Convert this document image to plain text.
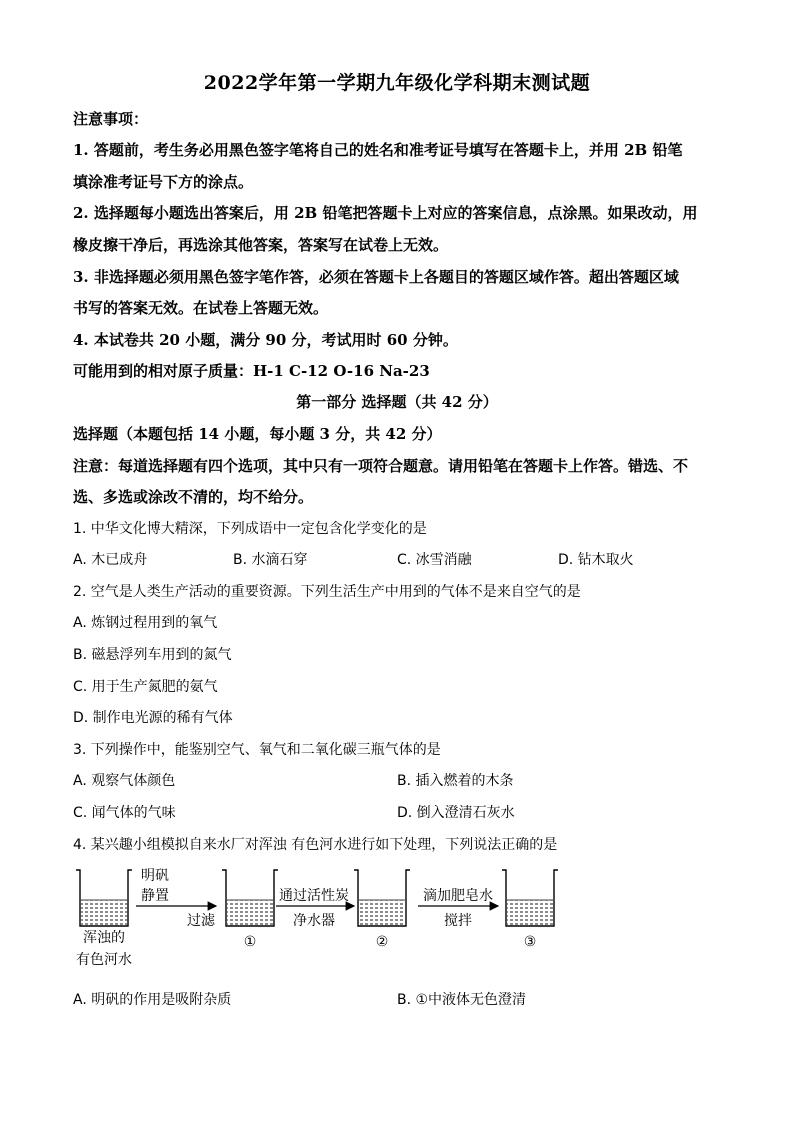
2022学年第一学期九年级化学科期末测试题
注意事项：
1. 答题前，考生务必用黑色签字笔将自己的姓名和准考证号填写在答题卡上，并用 2B 铅笔
填涂准考证号下方的涂点。
2. 选择题每小题选出答案后，用 2B 铅笔把答题卡上对应的答案信息，点涂黑。如果改动，用
橡皮擦干净后，再选涂其他答案，答案写在试卷上无效。
3. 非选择题必须用黑色签字笔作答，必须在答题卡上各题目的答题区域作答。超出答题区域
书写的答案无效。在试卷上答题无效。
4. 本试卷共 20 小题，满分 90 分，考试用时 60 分钟。
可能用到的相对原子质量：H-1 C-12 O-16 Na-23
第一部分 选择题（共 42 分）
选择题（本题包括 14 小题，每小题 3 分，共 42 分）
注意：每道选择题有四个选项，其中只有一项符合题意。请用铅笔在答题卡上作答。错选、不
选、多选或涂改不清的，均不给分。
1. 中华文化博大精深，下列成语中一定包含化学变化的是
A. 木已成舟	B. 水滴石穿	C. 冰雪消融	D. 钻木取火
2. 空气是人类生产活动的重要资源。下列生活生产中用到的气体不是来自空气的是
A. 炼钢过程用到的氧气
B. 磁悬浮列车用到的氮气
C. 用于生产氮肥的氨气
D. 制作电光源的稀有气体
3. 下列操作中，能鉴别空气、氧气和二氧化碳三瓶气体的是
A. 观察气体颜色	B. 插入燃着的木条
C. 闻气体的气味	D. 倒入澄清石灰水
4. 某兴趣小组模拟自来水厂对浑浊 有色河水进行如下处理，下列说法正确的是
浑浊的
有色河水
明矾
静置
过滤
①
通过活性炭
净水器
②
滴加肥皂水
搅拌
③
A. 明矾的作用是吸附杂质	B. ①中液体无色澄清
